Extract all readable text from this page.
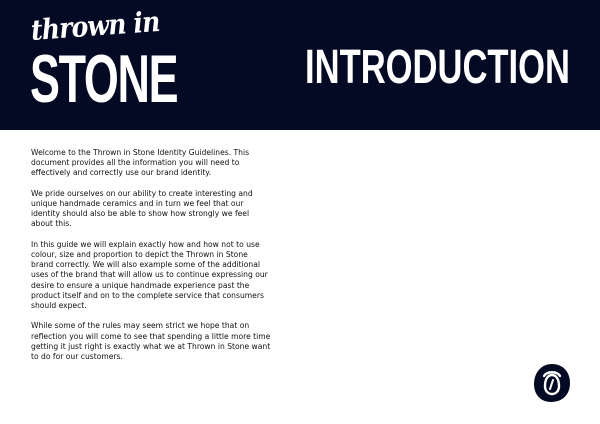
thrown in
STONE	INTRODUCTION

Welcome to the Thrown in Stone Identity Guidelines. This document provides all the information you will need to effectively and correctly use our brand identity.

We pride ourselves on our ability to create interesting and unique handmade ceramics and in turn we feel that our identity should also be able to show how strongly we feel about this.

In this guide we will explain exactly how and how not to use colour, size and proportion to depict the Thrown in Stone brand correctly. We will also example some of the additional uses of the brand that will allow us to continue expressing our desire to ensure a unique handmade experience past the product itself and on to the complete service that consumers should expect.

While some of the rules may seem strict we hope that on reflection you will come to see that spending a little more time getting it just right is exactly what we at Thrown in Stone want to do for our customers.
